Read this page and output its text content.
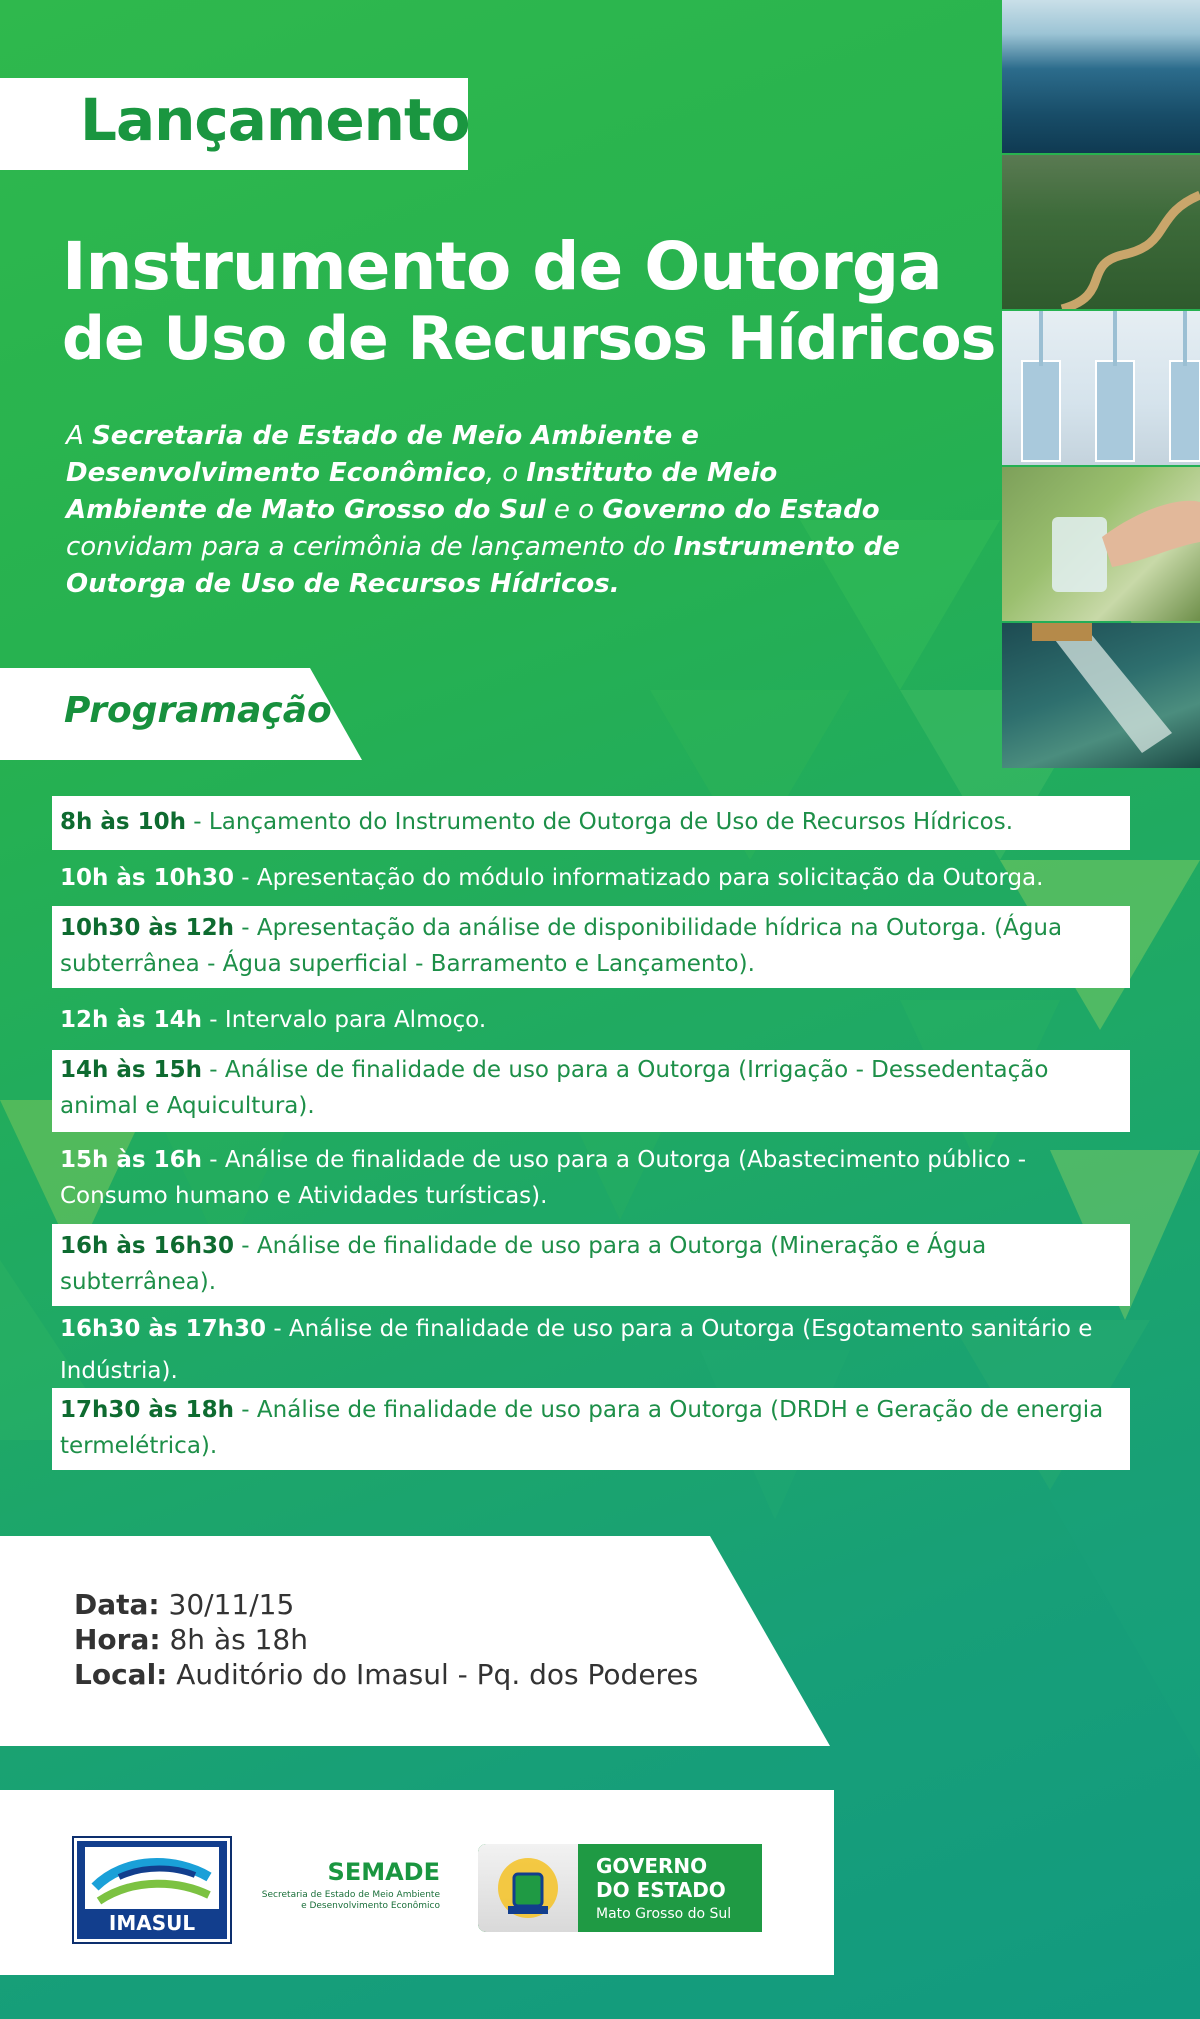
Lançamento
Instrumento de Outorga
de Uso de Recursos Hídricos
A Secretaria de Estado de Meio Ambiente e Desenvolvimento Econômico, o Instituto de Meio Ambiente de Mato Grosso do Sul e o Governo do Estado convidam para a cerimônia de lançamento do Instrumento de Outorga de Uso de Recursos Hídricos.
Programação
8h às 10h - Lançamento do Instrumento de Outorga de Uso de Recursos Hídricos.
10h às 10h30 - Apresentação do módulo informatizado para solicitação da Outorga.
10h30 às 12h - Apresentação da análise de disponibilidade hídrica na Outorga. (Água subterrânea - Água superficial - Barramento e Lançamento).
12h às 14h - Intervalo para Almoço.
14h às 15h - Análise de finalidade de uso para a Outorga (Irrigação - Dessedentação animal e Aquicultura).
15h às 16h - Análise de finalidade de uso para a Outorga (Abastecimento público - Consumo humano e Atividades turísticas).
16h às 16h30 - Análise de finalidade de uso para a Outorga (Mineração e Água subterrânea).
16h30 às 17h30 - Análise de finalidade de uso para a Outorga (Esgotamento sanitário e Indústria).
17h30 às 18h - Análise de finalidade de uso para a Outorga (DRDH e Geração de energia termelétrica).
Data: 30/11/15
Hora: 8h às 18h
Local: Auditório do Imasul - Pq. dos Poderes
IMASUL
SEMADE
Secretaria de Estado de Meio Ambiente
e Desenvolvimento Econômico
GOVERNO
DO ESTADO
Mato Grosso do Sul
